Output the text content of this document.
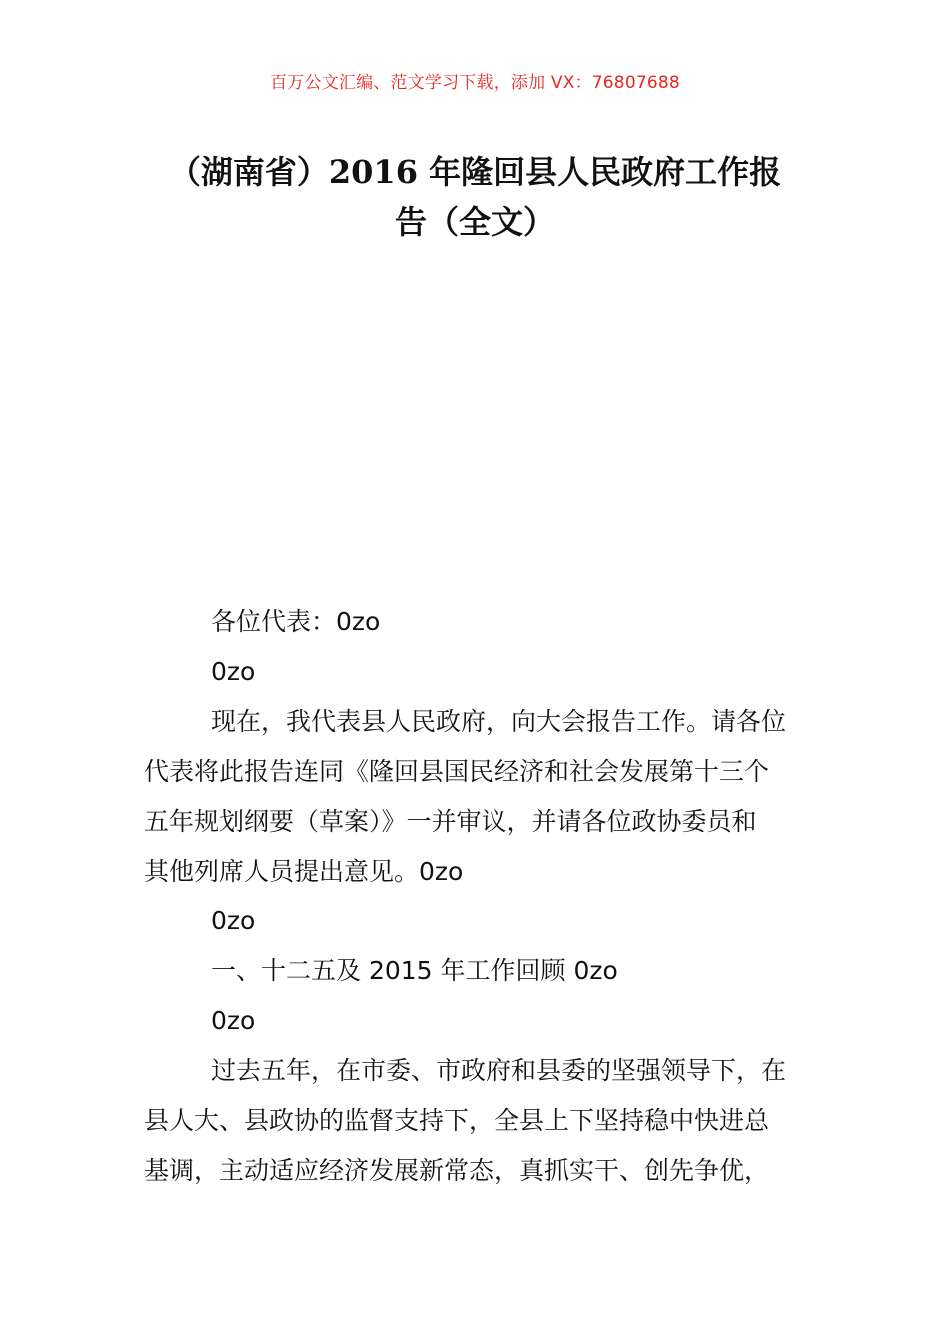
百万公文汇编、范文学习下载，添加 VX：76807688
（湖南省）2016 年隆回县人民政府工作报
告（全文）
各位代表：0zo
0zo
现在，我代表县人民政府，向大会报告工作。请各位
代表将此报告连同《隆回县国民经济和社会发展第十三个
五年规划纲要（草案）》一并审议，并请各位政协委员和
其他列席人员提出意见。0zo
0zo
一、十二五及 2015 年工作回顾 0zo
0zo
过去五年，在市委、市政府和县委的坚强领导下，在
县人大、县政协的监督支持下，全县上下坚持稳中快进总
基调，主动适应经济发展新常态，真抓实干、创先争优，
